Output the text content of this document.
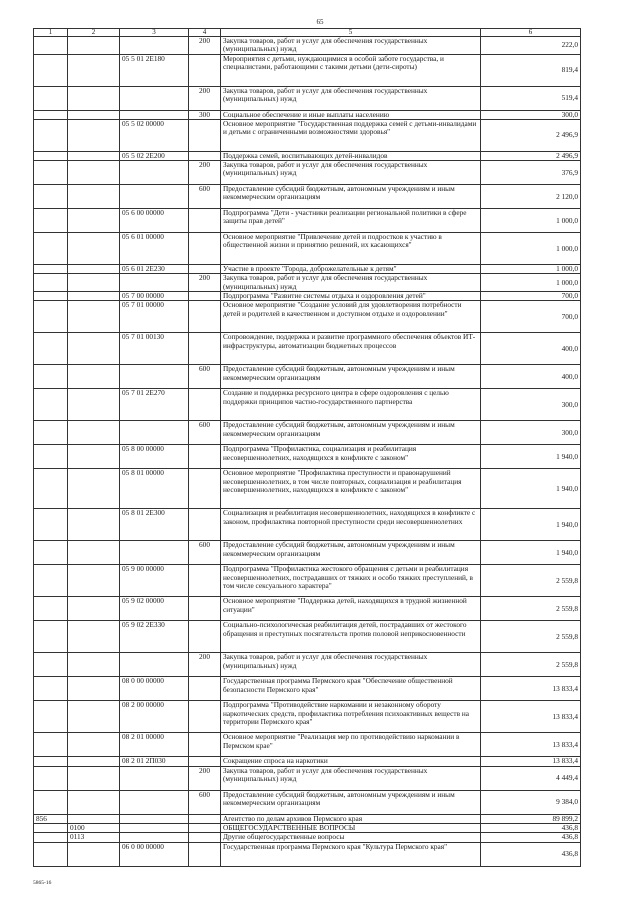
65
1	2	3	4	5	6
			200	Закупка товаров, работ и услуг для обеспечения государственных (муниципальных) нужд	222,0
		05 5 01 2Е180		Мероприятия с детьми, нуждающимися в особой заботе государства, и специалистами, работающими с такими детьми (дети-сироты)	819,4
			200	Закупка товаров, работ и услуг для обеспечения государственных (муниципальных) нужд	519,4
			300	Социальное обеспечение и иные выплаты населению	300,0
		05 5 02 00000		Основное мероприятие "Государственная поддержка семей с детьми-инвалидами и детьми с ограниченными возможностями здоровья"	2 496,9
		05 5 02 2Е200		Поддержка семей, воспитывающих детей-инвалидов	2 496,9
			200	Закупка товаров, работ и услуг для обеспечения государственных (муниципальных) нужд	376,9
			600	Предоставление субсидий бюджетным, автономным учреждениям и иным некоммерческим организациям	2 120,0
		05 6 00 00000		Подпрограмма "Дети - участники реализации региональной политики в сфере защиты прав детей"	1 000,0
		05 6 01 00000		Основное мероприятие "Привлечение детей и подростков к участию в общественной жизни и принятию решений, их касающихся"	1 000,0
		05 6 01 2Е230		Участие в проекте "Города, доброжелательные к детям"	1 000,0
			200	Закупка товаров, работ и услуг для обеспечения государственных (муниципальных) нужд	1 000,0
		05 7 00 00000		Подпрограмма "Развитие системы отдыха и оздоровления детей"	700,0
		05 7 01 00000		Основное мероприятие "Создание условий для удовлетворения потребности детей и родителей в качественном и доступном отдыхе и оздоровлении"	700,0
		05 7 01 00130		Сопровождение, поддержка и развитие программного обеспечения объектов ИТ-инфраструктуры, автоматизации бюджетных процессов	400,0
			600	Предоставление субсидий бюджетным, автономным учреждениям и иным некоммерческим организациям	400,0
		05 7 01 2Е270		Создание и поддержка ресурсного центра в сфере оздоровления с целью поддержки принципов частно-государственного партнерства	300,0
			600	Предоставление субсидий бюджетным, автономным учреждениям и иным некоммерческим организациям	300,0
		05 8 00 00000		Подпрограмма "Профилактика, социализация и реабилитация несовершеннолетних, находящихся в конфликте с законом"	1 940,0
		05 8 01 00000		Основное мероприятие "Профилактика преступности и правонарушений несовершеннолетних, в том числе повторных, социализация и реабилитация несовершеннолетних, находящихся в конфликте с законом"	1 940,0
		05 8 01 2Е300		Социализация и реабилитация несовершеннолетних, находящихся в конфликте с законом, профилактика повторной преступности среди несовершеннолетних	1 940,0
			600	Предоставление субсидий бюджетным, автономным учреждениям и иным некоммерческим организациям	1 940,0
		05 9 00 00000		Подпрограмма "Профилактика жестокого обращения с детьми и реабилитация несовершеннолетних, пострадавших от тяжких и особо тяжких преступлений, в том числе сексуального характера"	2 559,8
		05 9 02 00000		Основное мероприятие "Поддержка детей, находящихся в трудной жизненной ситуации"	2 559,8
		05 9 02 2Е330		Социально-психологическая реабилитация детей, пострадавших от жестокого обращения и преступных посягательств против половой неприкосновенности	2 559,8
			200	Закупка товаров, работ и услуг для обеспечения государственных (муниципальных) нужд	2 559,8
		08 0 00 00000		Государственная программа Пермского края "Обеспечение общественной безопасности Пермского края"	13 833,4
		08 2 00 00000		Подпрограмма "Противодействие наркомании и незаконному обороту наркотических средств, профилактика потребления психоактивных веществ на территории Пермского края"	13 833,4
		08 2 01 00000		Основное мероприятие "Реализация мер по противодействию наркомании в Пермском крае"	13 833,4
		08 2 01 2П030		Сокращение спроса на наркотики	13 833,4
			200	Закупка товаров, работ и услуг для обеспечения государственных (муниципальных) нужд	4 449,4
			600	Предоставление субсидий бюджетным, автономным учреждениям и иным некоммерческим организациям	9 384,0
856				Агентство по делам архивов Пермского края	89 899,2
	0100			ОБЩЕГОСУДАРСТВЕННЫЕ ВОПРОСЫ	436,8
	0113			Другие общегосударственные вопросы	436,8
		06 0 00 00000		Государственная программа Пермского края "Культура Пермского края"	436,8
5865-16
